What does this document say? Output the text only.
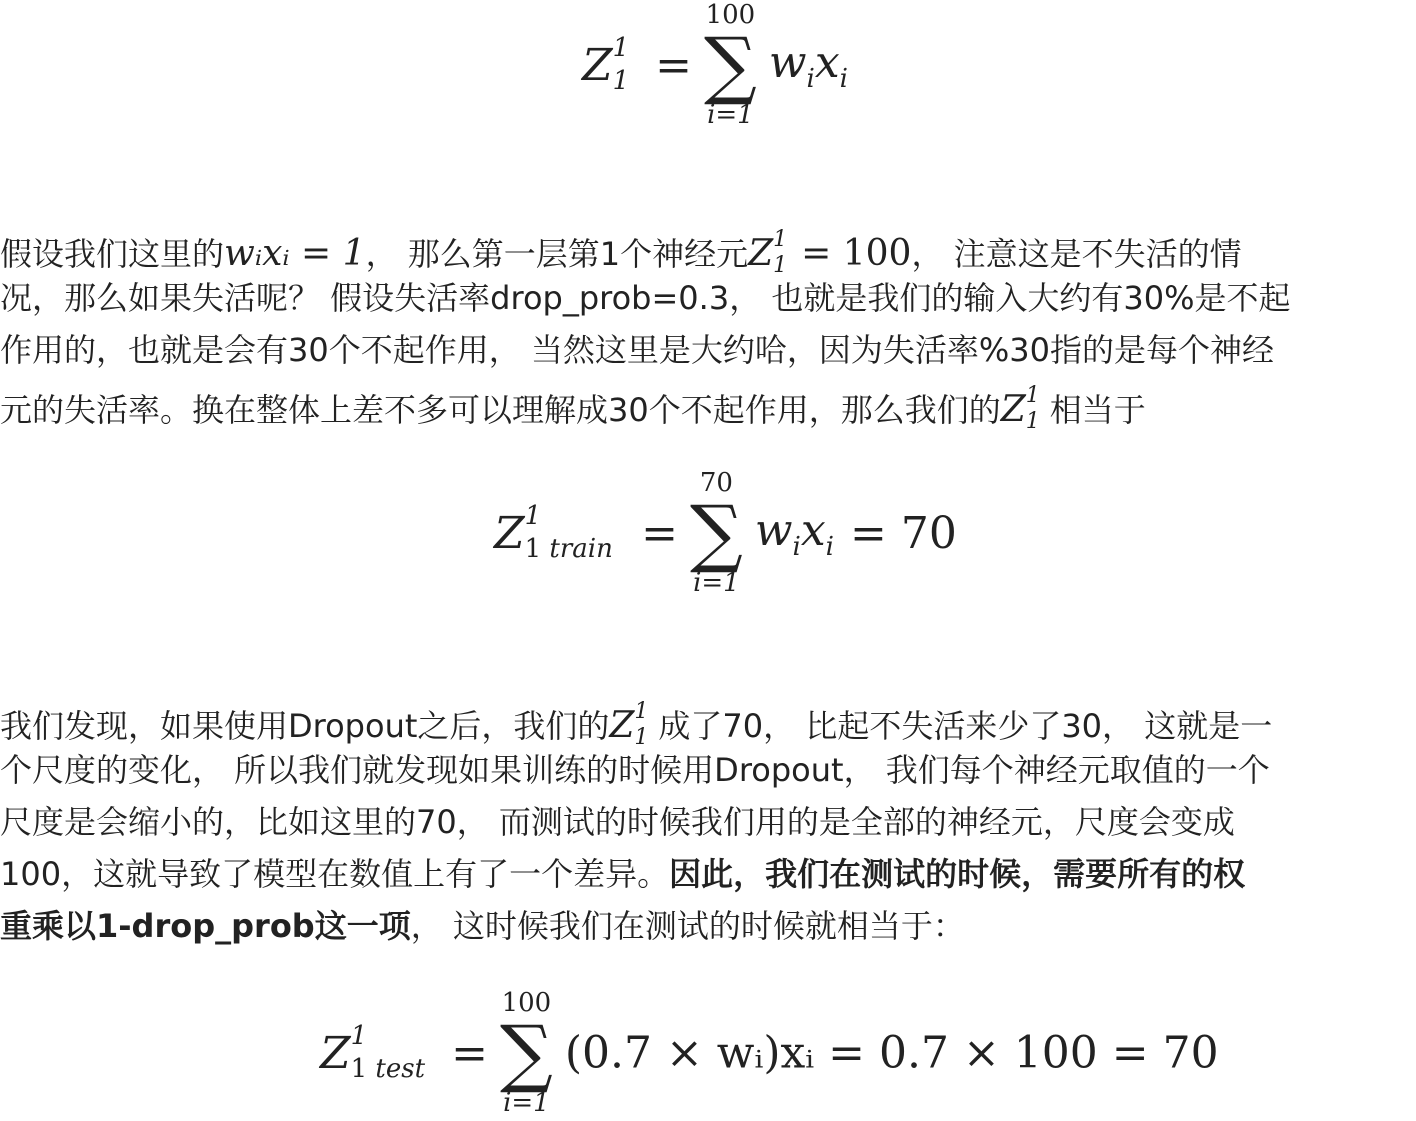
$Z^1$
1 =
100
∑
i=1
$w_ix_i$
假设我们这里的wᵢxᵢ = 1， 那么第一层第1个神经元$Z^1$
1 = 100， 注意这是不失活的情
况，那么如果失活呢？ 假设失活率drop_prob=0.3， 也就是我们的输入大约有30%是不起
作用的，也就是会有30个不起作用， 当然这里是大约哈，因为失活率%30指的是每个神经
元的失活率。换在整体上差不多可以理解成30个不起作用，那么我们的$Z^1$
1 相当于
$Z^1$
1 train =
70
∑
i=1
$w_ix_i = 70$
我们发现，如果使用Dropout之后，我们的$Z^1$
1 成了70， 比起不失活来少了30， 这就是一
个尺度的变化， 所以我们就发现如果训练的时候用Dropout， 我们每个神经元取值的一个
尺度是会缩小的，比如这里的70， 而测试的时候我们用的是全部的神经元，尺度会变成
100，这就导致了模型在数值上有了一个差异。因此，我们在测试的时候，需要所有的权
重乘以1-drop_prob这一项， 这时候我们在测试的时候就相当于：
$Z^1$
1 test =
100
∑
i=1
(0.7 × wᵢ)xᵢ = 0.7 × 100 = 70
